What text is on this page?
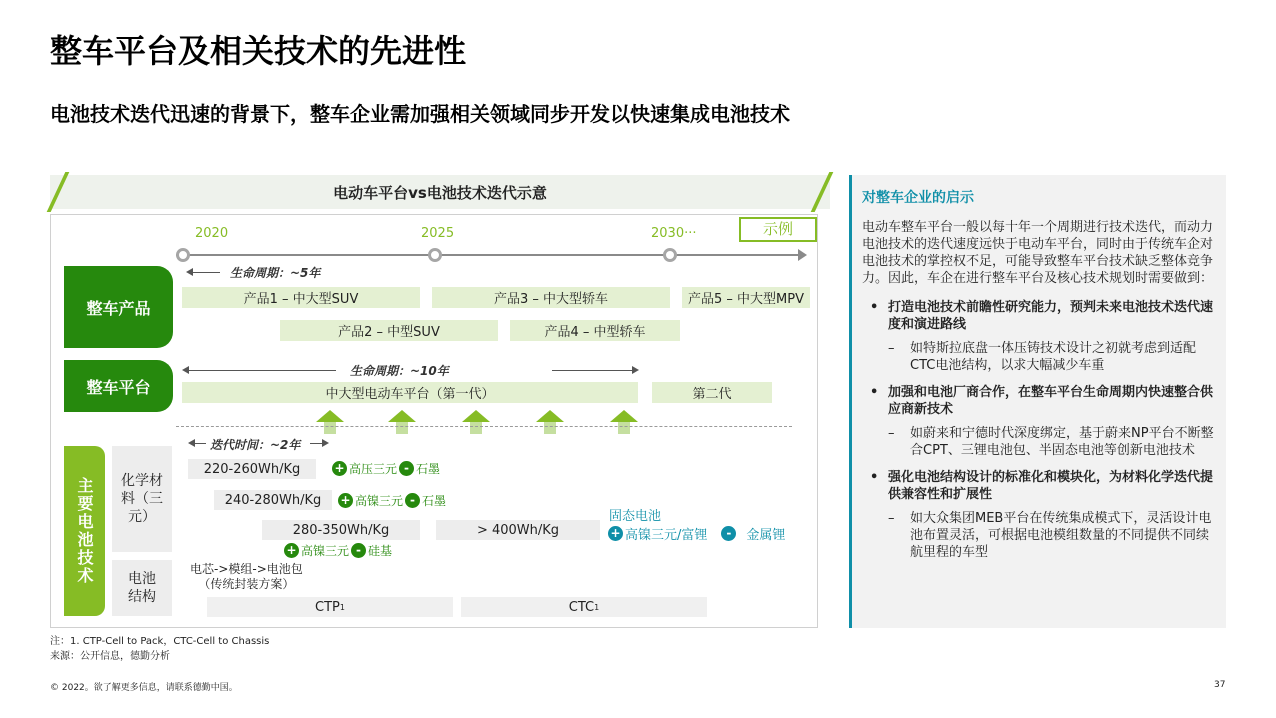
整车平台及相关技术的先进性
电池技术迭代迅速的背景下，整车企业需加强相关领域同步开发以快速集成电池技术
电动车平台vs电池技术迭代示意
2020	2025	2030···	示例
整车产品
整车平台
主要电池技术	化学材料（三元）
电池结构
生命周期：~5年
产品1 – 中大型SUV	产品3 – 中大型轿车	产品5 – 中大型MPV
产品2 – 中型SUV	产品4 – 中型轿车
生命周期：~10年
中大型电动车平台（第一代）	第二代
迭代时间：~2年
220-260Wh/Kg	+ 高压三元 - 石墨
240-280Wh/Kg	+ 高镍三元 - 石墨
280-350Wh/Kg	> 400Wh/Kg
+ 高镍三元 - 硅基
固态电池
+ 高镍三元/富锂	-	金属锂
电芯->模组->电池包
（传统封装方案）
CTP 1	CTC 1
注：1. CTP-Cell to Pack，CTC-Cell to Chassis
来源：公开信息，德勤分析
© 2022。欲了解更多信息，请联系德勤中国。	37
对整车企业的启示
电动车整车平台一般以每十年一个周期进行技术迭代，而动力电池技术的迭代速度远快于电动车平台，同时由于传统车企对电池技术的掌控权不足，可能导致整车平台技术缺乏整体竞争力。因此，车企在进行整车平台及核心技术规划时需要做到：
• 打造电池技术前瞻性研究能力，预判未来电池技术迭代速度和演进路线
– 如特斯拉底盘一体压铸技术设计之初就考虑到适配CTC电池结构，以求大幅减少车重
• 加强和电池厂商合作，在整车平台生命周期内快速整合供应商新技术
– 如蔚来和宁德时代深度绑定，基于蔚来NP平台不断整合CPT、三锂电池包、半固态电池等创新电池技术
• 强化电池结构设计的标准化和模块化，为材料化学迭代提供兼容性和扩展性
– 如大众集团MEB平台在传统集成模式下，灵活设计电池布置灵活，可根据电池模组数量的不同提供不同续航里程的车型
